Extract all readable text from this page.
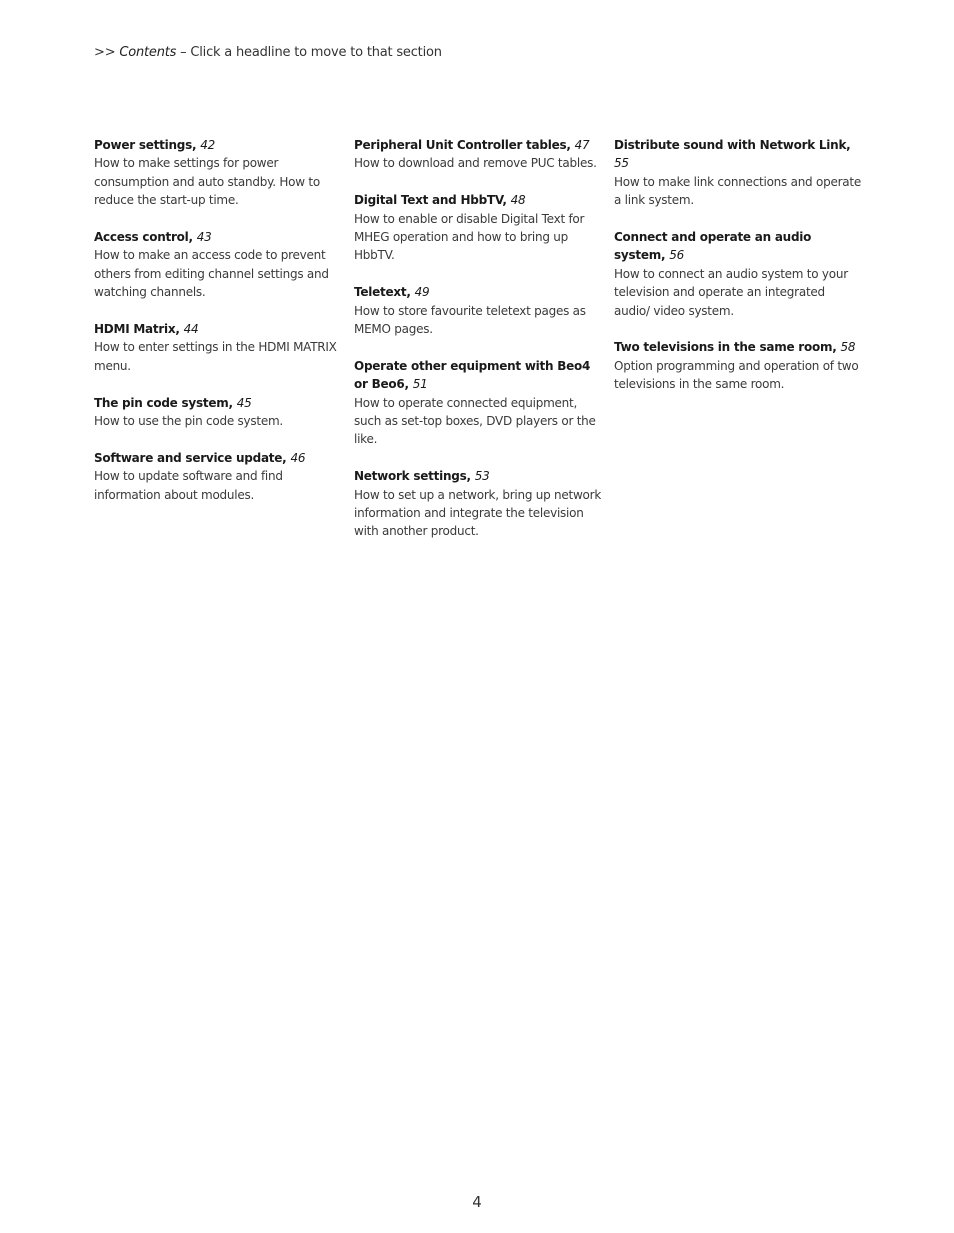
>> Contents – Click a headline to move to that section
Power settings, 42
How to make settings for power consumption and auto standby. How to reduce the start-up time.
Access control, 43
How to make an access code to prevent others from editing channel settings and watching channels.
HDMI Matrix, 44
How to enter settings in the HDMI MATRIX menu.
The pin code system, 45
How to use the pin code system.
Software and service update, 46
How to update software and find information about modules.
Peripheral Unit Controller tables, 47
How to download and remove PUC tables.
Digital Text and HbbTV, 48
How to enable or disable Digital Text for MHEG operation and how to bring up HbbTV.
Teletext, 49
How to store favourite teletext pages as MEMO pages.
Operate other equipment with Beo4 or Beo6, 51
How to operate connected equipment, such as set-top boxes, DVD players or the like.
Network settings, 53
How to set up a network, bring up network information and integrate the television with another product.
Distribute sound with Network Link, 55
How to make link connections and operate a link system.
Connect and operate an audio system, 56
How to connect an audio system to your television and operate an integrated audio/ video system.
Two televisions in the same room, 58
Option programming and operation of two televisions in the same room.
4
